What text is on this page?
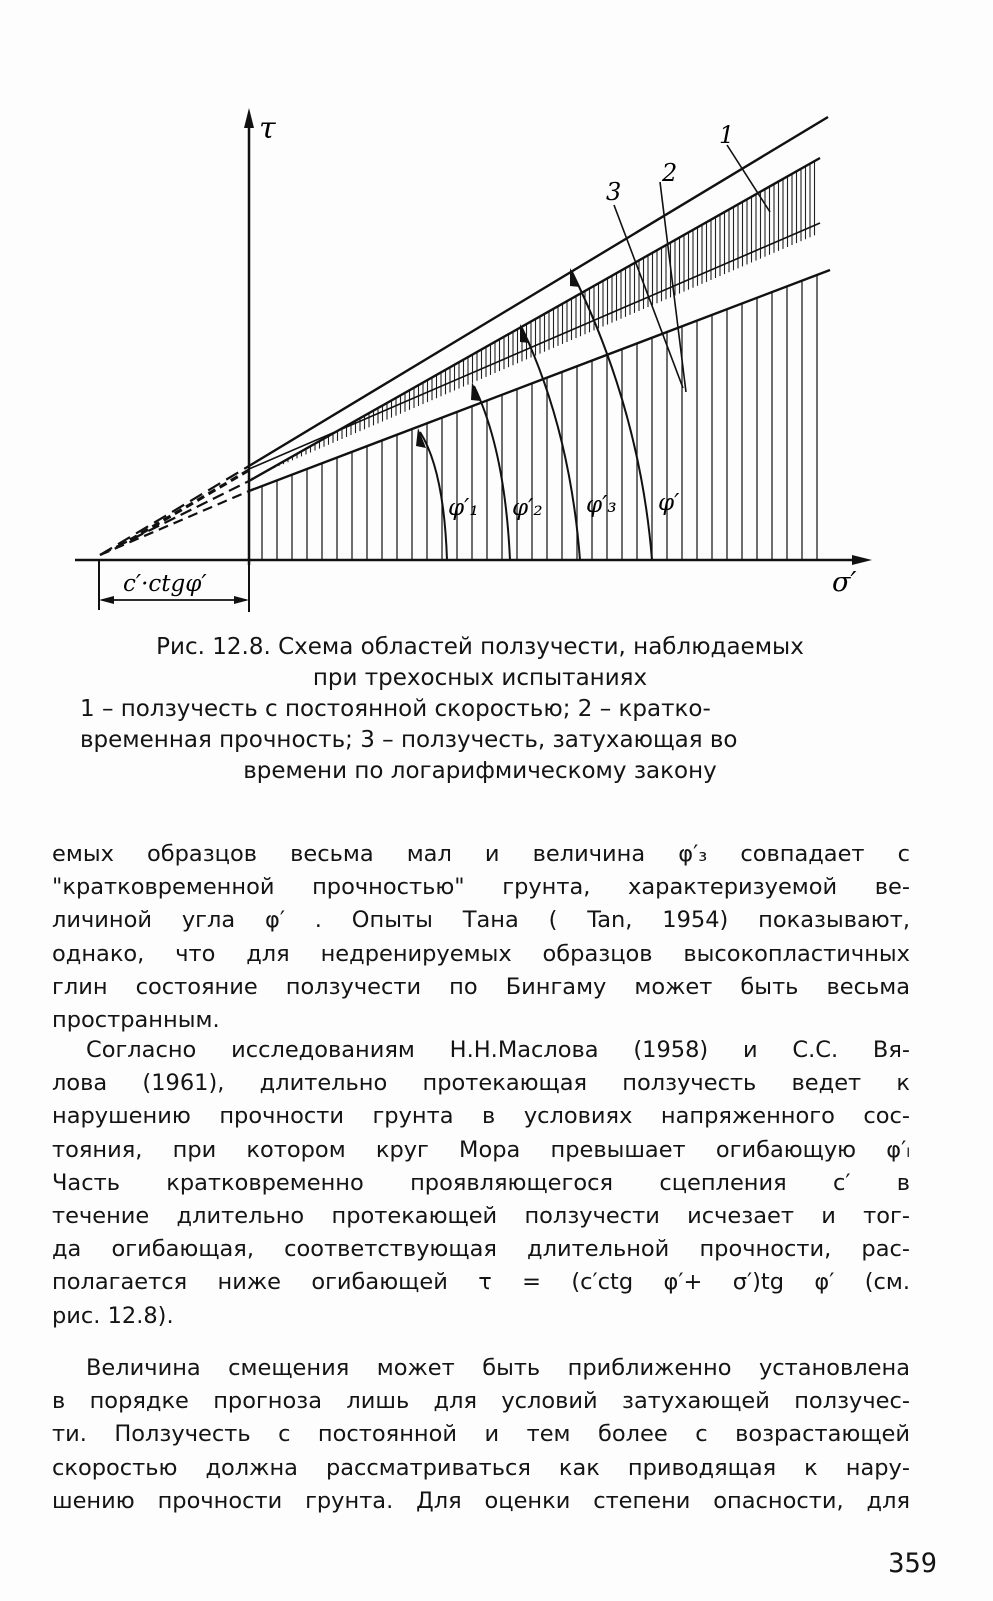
τ
σ′
1
2
3
φ′₁ φ′₂ φ′₃ φ′
c′·ctgφ′
Рис. 12.8. Схема областей ползучести, наблюдаемых
при трехосных испытаниях
1 – ползучесть с постоянной скоростью; 2 – кратко-
временная прочность; 3 – ползучесть, затухающая во
времени по логарифмическому закону
емых образцов весьма мал и величина φ′₃ совпадает с
"кратковременной прочностью" грунта, характеризуемой ве-
личиной угла φ′ . Опыты Тана ( Tan, 1954) показывают,
однако, что для недренируемых образцов высокопластичных
глин состояние ползучести по Бингаму может быть весьма
пространным.
Согласно исследованиям Н.Н.Маслова (1958) и С.С. Вя-
лова (1961), длительно протекающая ползучесть ведет к
нарушению прочности грунта в условиях напряженного сос-
тояния, при котором круг Мора превышает огибающую φ′ₗ
Часть кратковременно проявляющегося сцепления c′ в
течение длительно протекающей ползучести исчезает и тог-
да огибающая, соответствующая длительной прочности, рас-
полагается ниже огибающей τ = (c′ctg φ′+ σ′)tg φ′ (см.
рис. 12.8).
Величина смещения может быть приближенно установлена
в порядке прогноза лишь для условий затухающей ползучес-
ти. Ползучесть с постоянной и тем более с возрастающей
скоростью должна рассматриваться как приводящая к нару-
шению прочности грунта. Для оценки степени опасности, для
359
